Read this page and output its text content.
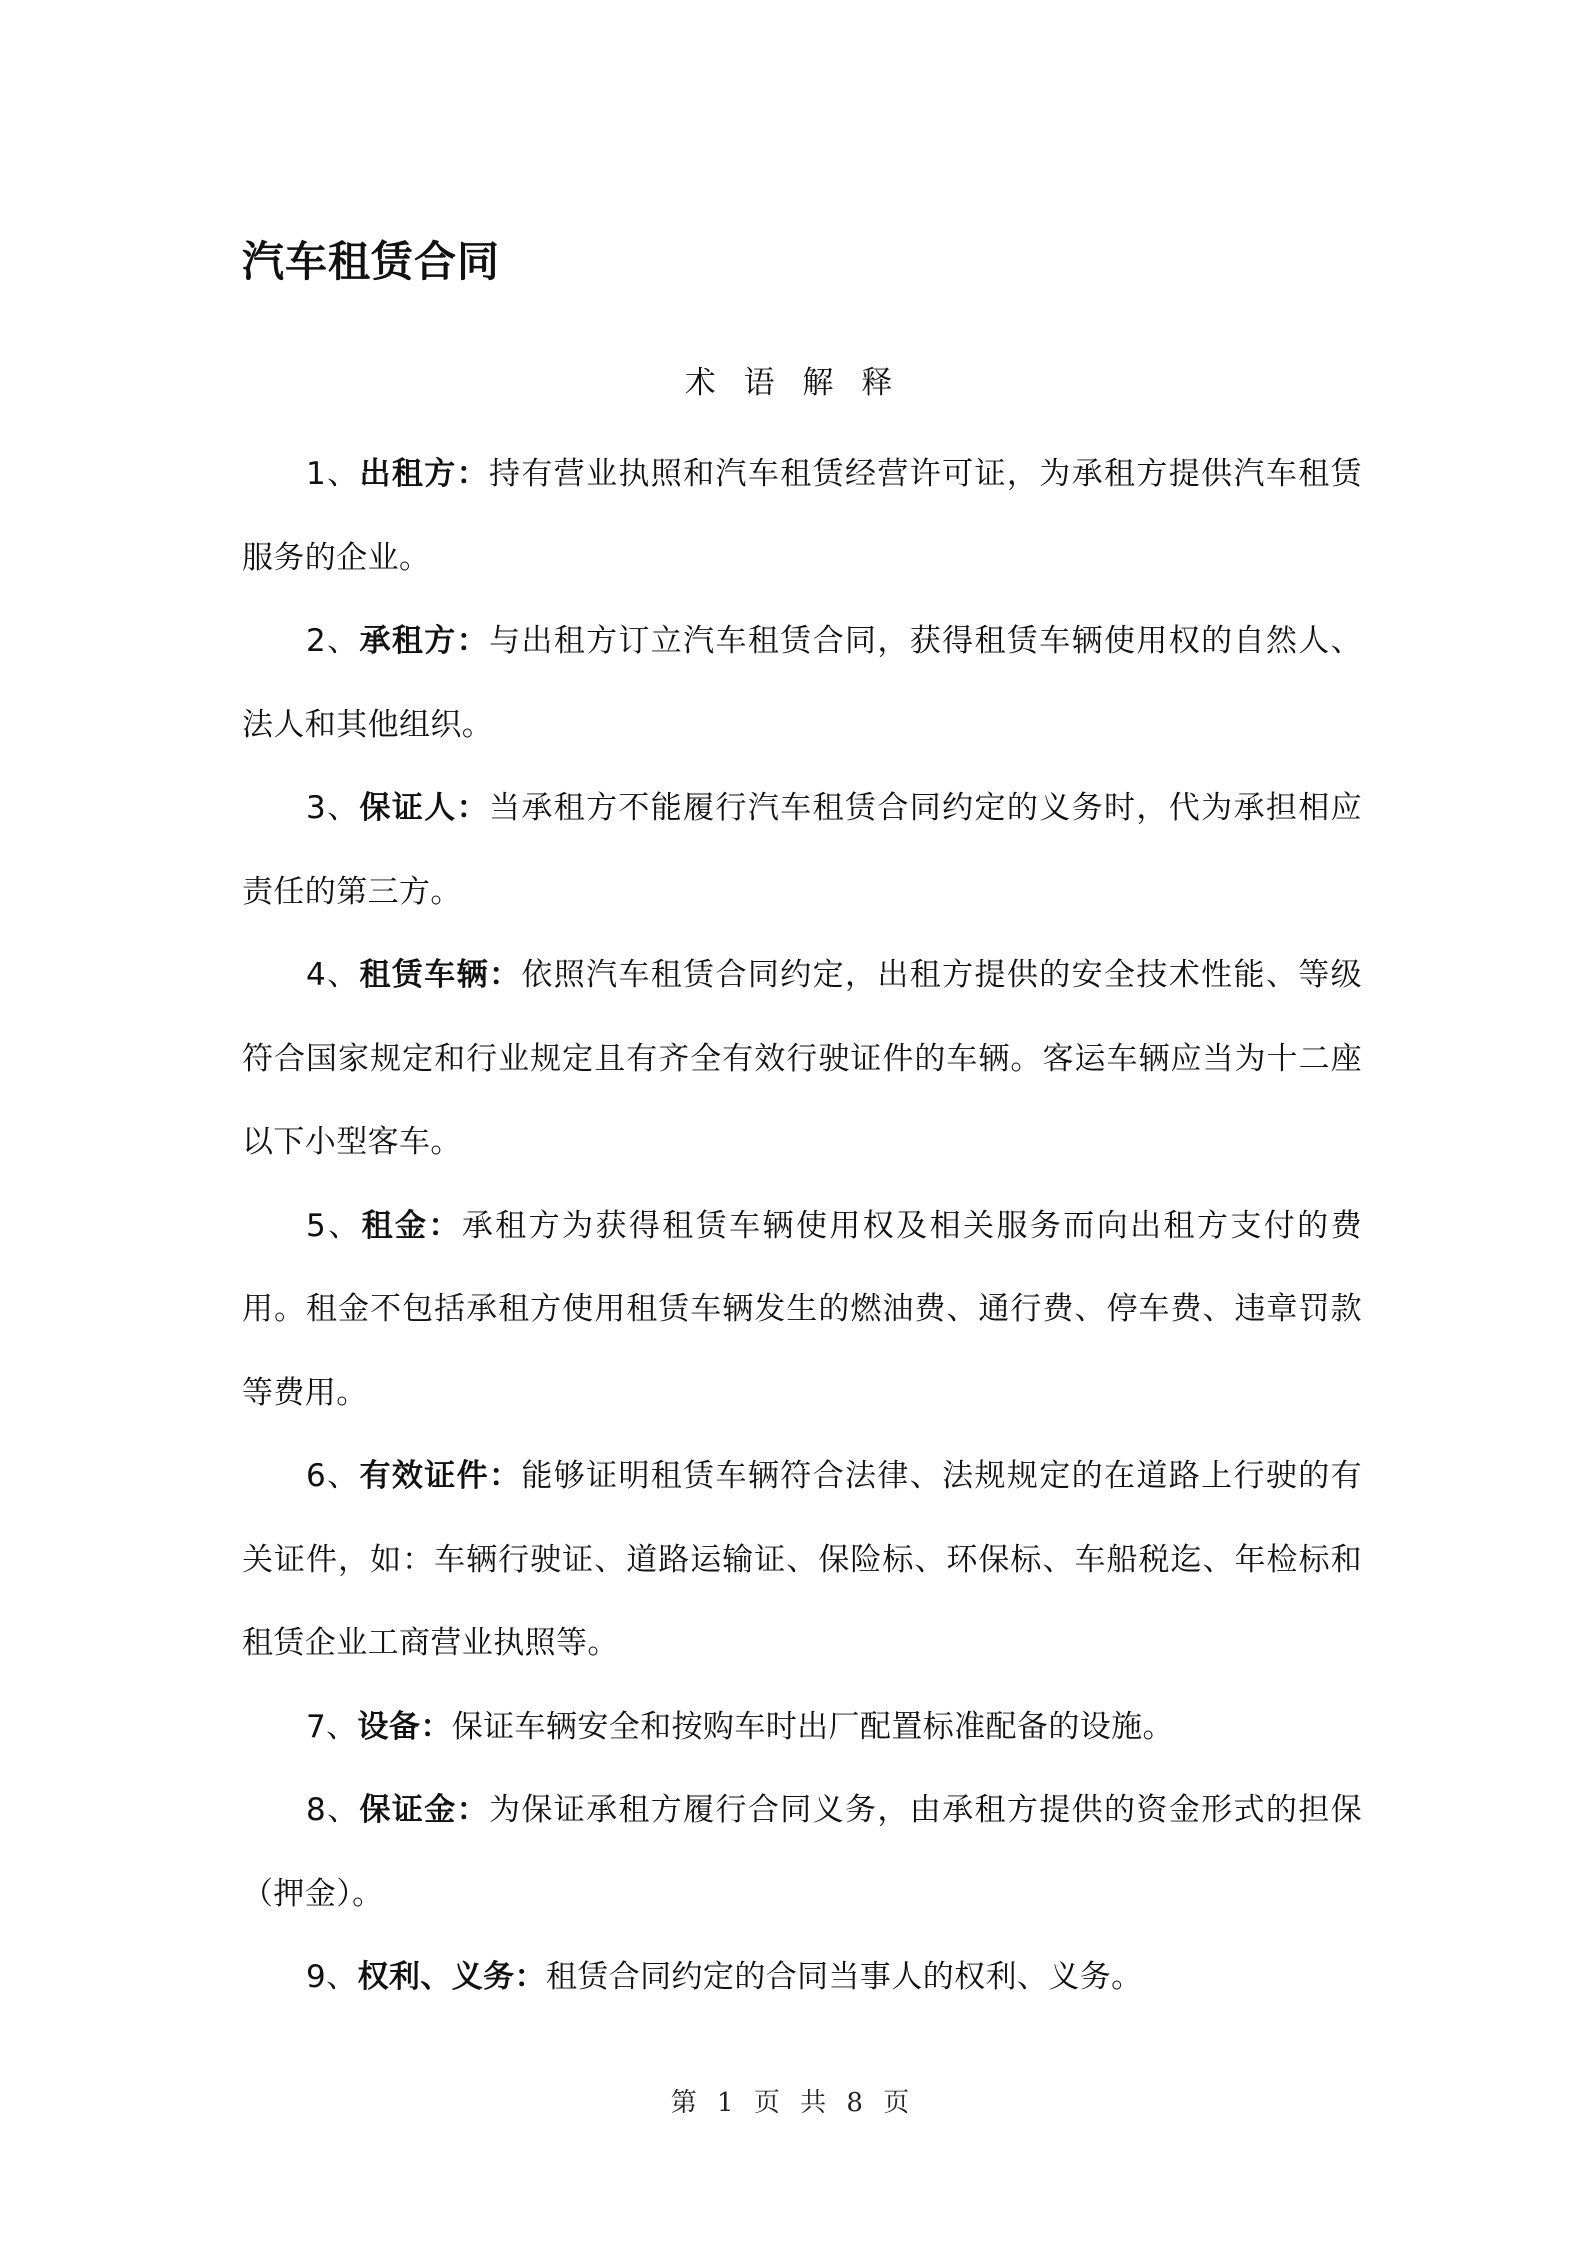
汽车租赁合同
术 语 解 释
1、出租方：持有营业执照和汽车租赁经营许可证，为承租方提供汽车租赁服务的企业。
2、承租方：与出租方订立汽车租赁合同，获得租赁车辆使用权的自然人、法人和其他组织。
3、保证人：当承租方不能履行汽车租赁合同约定的义务时，代为承担相应责任的第三方。
4、租赁车辆：依照汽车租赁合同约定，出租方提供的安全技术性能、等级符合国家规定和行业规定且有齐全有效行驶证件的车辆。客运车辆应当为十二座以下小型客车。
5、租金：承租方为获得租赁车辆使用权及相关服务而向出租方支付的费用。租金不包括承租方使用租赁车辆发生的燃油费、通行费、停车费、违章罚款等费用。
6、有效证件：能够证明租赁车辆符合法律、法规规定的在道路上行驶的有关证件，如：车辆行驶证、道路运输证、保险标、环保标、车船税迄、年检标和租赁企业工商营业执照等。
7、设备：保证车辆安全和按购车时出厂配置标准配备的设施。
8、保证金：为保证承租方履行合同义务，由承租方提供的资金形式的担保（押金）。
9、权利、义务：租赁合同约定的合同当事人的权利、义务。
第 1 页 共 8 页
